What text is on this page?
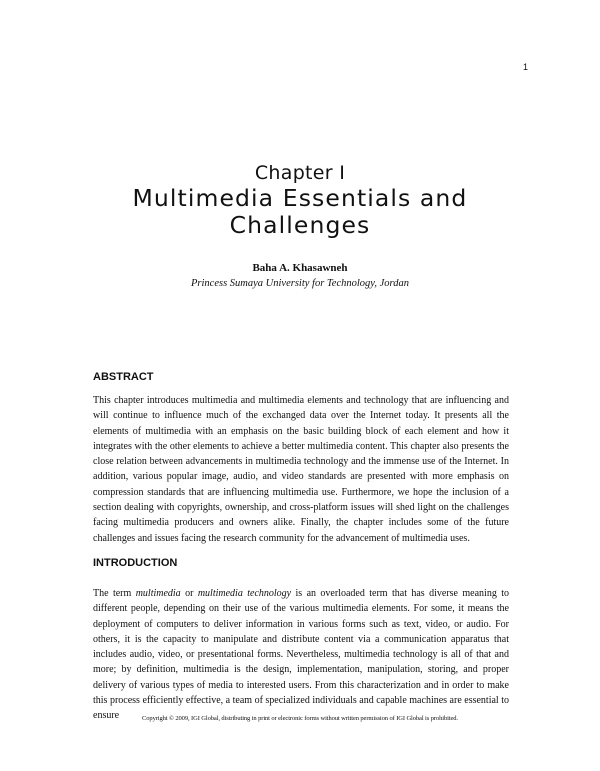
1
Chapter I
Multimedia Essentials and Challenges
Baha A. Khasawneh
Princess Sumaya University for Technology, Jordan
ABSTRACT

This chapter introduces multimedia and multimedia elements and technology that are influencing and will continue to influence much of the exchanged data over the Internet today. It presents all the elements of multimedia with an emphasis on the basic building block of each element and how it integrates with the other elements to achieve a better multimedia content. This chapter also presents the close relation between advancements in multimedia technology and the immense use of the Internet. In addition, various popular image, audio, and video standards are presented with more emphasis on compression standards that are influencing multimedia use. Furthermore, we hope the inclusion of a section dealing with copyrights, ownership, and cross-platform issues will shed light on the challenges facing multimedia producers and owners alike. Finally, the chapter includes some of the future challenges and issues facing the research community for the advancement of multimedia uses.

INTRODUCTION

The term multimedia or multimedia technology is an overloaded term that has diverse meaning to different people, depending on their use of the various multimedia elements. For some, it means the deployment of computers to deliver information in various forms such as text, video, or audio. For others, it is the capacity to manipulate and distribute content via a communication apparatus that includes audio, video, or presentational forms. Nevertheless, multimedia technology is all of that and more; by definition, multimedia is the design, implementation, manipulation, storing, and proper delivery of various types of media to interested users. From this characterization and in order to make this process efficiently effective, a team of specialized individuals and capable machines are essential to ensure	Copyright © 2009, IGI Global, distributing in print or electronic forms without written permission of IGI Global is prohibited.
